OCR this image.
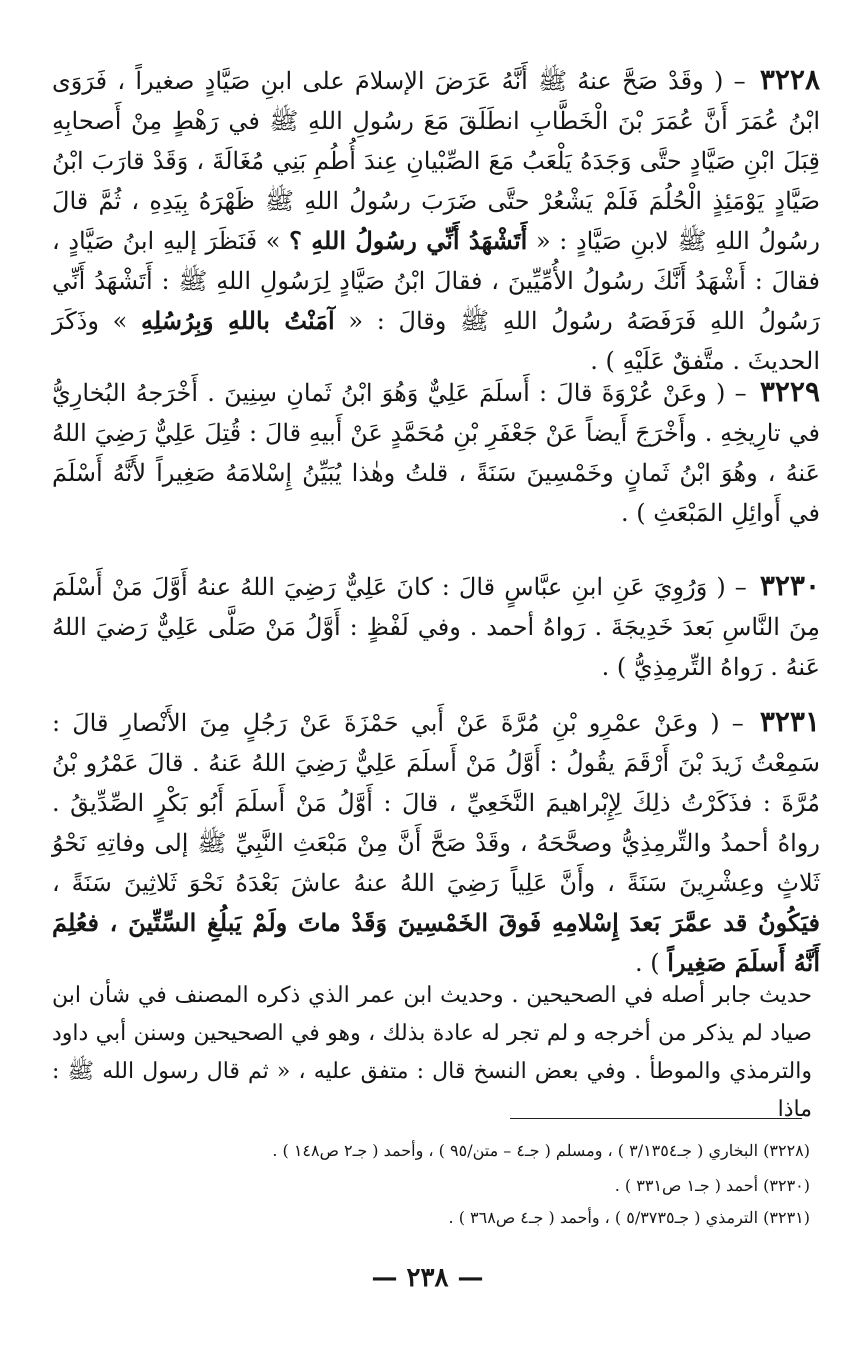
٣٢٢٨ – ( وقَدْ صَحَّ عنهُ ﷺ أَنَّهُ عَرَضَ الإسلامَ على ابنِ صَيَّادٍ صغيراً ، فَرَوَى ابْنُ عُمَرَ أَنَّ عُمَرَ بْنَ الْخَطَّابِ انطَلَقَ مَعَ رسُولِ اللهِ ﷺ في رَهْطٍ مِنْ أَصحابِهِ قِبَلَ ابْنِ صَيَّادٍ حتَّى وَجَدَهُ يَلْعَبُ مَعَ الصِّبْيانِ عِندَ أُطُمِ بَنِي مُغَالَةَ ، وَقَدْ قارَبَ ابْنُ صَيَّادٍ يَوْمَئِذٍ الْحُلُمَ فَلَمْ يَشْعُرْ حتَّى ضَرَبَ رسُولُ اللهِ ﷺ ظَهْرَهُ بِيَدِهِ ، ثُمَّ قالَ رسُولُ اللهِ ﷺ لابنِ صَيَّادٍ : « أَتَشْهَدُ أَنِّي رسُولُ اللهِ ؟ » فَنَظَرَ إليهِ ابنُ صَيَّادٍ ، فقالَ : أَشْهَدُ أَنَّكَ رسُولُ الأُمِّيِّينَ ، فقالَ ابْنُ صَيَّادٍ لِرَسُولِ اللهِ ﷺ : أَتَشْهَدُ أَنِّي رَسُولُ اللهِ فَرَفَصَهُ رسُولُ اللهِ ﷺ وقالَ : « آمَنْتُ باللهِ وَبِرُسُلِهِ » وذَكَرَ الحديثَ . متَّفقٌ عَلَيْهِ ) .

٣٢٢٩ – ( وعَنْ عُرْوَةَ قالَ : أَسلَمَ عَلِيٌّ وَهُوَ ابْنُ ثَمانِ سِنِينَ . أَخْرَجهُ البُخارِيُّ في تارِيخِهِ . وأَخْرَجَ أَيضاً عَنْ جَعْفَرِ بْنِ مُحَمَّدٍ عَنْ أَبيهِ قالَ : قُتِلَ عَلِيٌّ رَضِيَ اللهُ عَنهُ ، وهُوَ ابْنُ ثَمانٍ وخَمْسِينَ سَنَةً ، قلتُ وهٰذا يُبَيِّنُ إِسْلامَهُ صَغِيراً لأَنَّهُ أَسْلَمَ في أَوائِلِ المَبْعَثِ ) .

٣٢٣٠ – ( وَرُوِيَ عَنِ ابنِ عبَّاسٍ قالَ : كانَ عَلِيٌّ رَضِيَ اللهُ عنهُ أَوَّلَ مَنْ أَسْلَمَ مِنَ النَّاسِ بَعدَ خَدِيجَةَ . رَواهُ أحمد . وفي لَفْظٍ : أَوَّلُ مَنْ صَلَّى عَلِيٌّ رَضيَ اللهُ عَنهُ . رَواهُ التِّرمِذِيُّ ) .

٣٢٣١ – ( وعَنْ عمْرِو بْنِ مُرَّةَ عَنْ أَبي حَمْزَةَ عَنْ رَجُلٍ مِنَ الأَنْصارِ قالَ : سَمِعْتُ زَيدَ بْنَ أَرْقَمَ يقُولُ : أَوَّلُ مَنْ أَسلَمَ عَلِيٌّ رَضِيَ اللهُ عَنهُ . قالَ عَمْرُو بْنُ مُرَّةَ : فذَكَرْتُ ذلِكَ لِإِبْراهيمَ النَّخَعِيِّ ، قالَ : أَوَّلُ مَنْ أَسلَمَ أَبُو بَكْرٍ الصِّدِّيقُ . رواهُ أحمدُ والتِّرمِذِيُّ وصحَّحَهُ ، وقَدْ صَحَّ أَنَّ مِنْ مَبْعَثِ النَّبِيِّ ﷺ إلى وفاتِهِ نَحْوُ ثَلاثٍ وعِشْرِينَ سَنَةً ، وأَنَّ عَلِياً رَضِيَ اللهُ عنهُ عاشَ بَعْدَهُ نَحْوَ ثَلاثِينَ سَنَةً ، فيَكُونُ قد عمَّرَ بَعدَ إِسْلامِهِ فَوقَ الخَمْسِينَ وَقَدْ ماتَ ولَمْ يَبلُغِ السِّتِّينَ ، فعُلِمَ أَنَّهُ أَسلَمَ صَغِيراً ) .

حديث جابر أصله في الصحيحين . وحديث ابن عمر الذي ذكره المصنف في شأن ابن صياد لم يذكر من أخرجه و لم تجر له عادة بذلك ، وهو في الصحيحين وسنن أبي داود والترمذي والموطأ . وفي بعض النسخ قال : متفق عليه ، « ثم قال رسول الله ﷺ : ماذا

(٣٢٢٨) البخاري ( جـ٣/١٣٥٤ ) ، ومسلم ( جـ٤ – متن/٩٥ ) ، وأحمد ( جـ٢ ص١٤٨ ) .

(٣٢٣٠) أحمد ( جـ١ ص٣٣١ ) .

(٣٢٣١) الترمذي ( جـ٥/٣٧٣٥ ) ، وأحمد ( جـ٤ ص٣٦٨ ) .

— ٢٣٨ —
